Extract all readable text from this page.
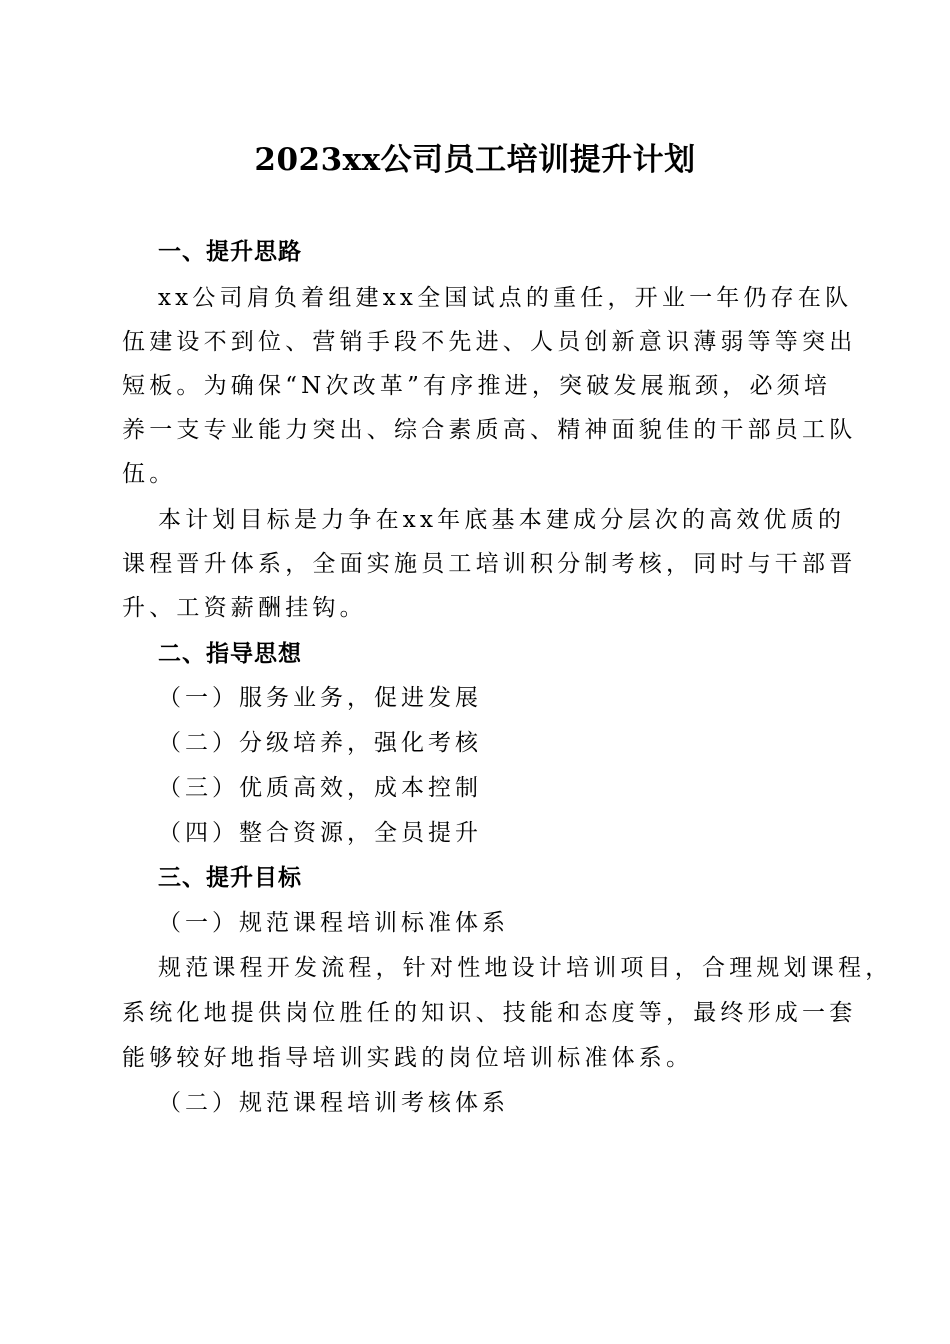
2023xx公司员工培训提升计划
一、提升思路
xx公司肩负着组建xx全国试点的重任，开业一年仍存在队
伍建设不到位、营销手段不先进、人员创新意识薄弱等等突出
短板。为确保“N次改革”有序推进，突破发展瓶颈，必须培
养一支专业能力突出、综合素质高、精神面貌佳的干部员工队
伍。
本计划目标是力争在xx年底基本建成分层次的高效优质的
课程晋升体系，全面实施员工培训积分制考核，同时与干部晋
升、工资薪酬挂钩。
二、指导思想
（一）服务业务，促进发展
（二）分级培养，强化考核
（三）优质高效，成本控制
（四）整合资源，全员提升
三、提升目标
（一）规范课程培训标准体系
规范课程开发流程，针对性地设计培训项目，合理规划课程，
系统化地提供岗位胜任的知识、技能和态度等，最终形成一套
能够较好地指导培训实践的岗位培训标准体系。
（二）规范课程培训考核体系
